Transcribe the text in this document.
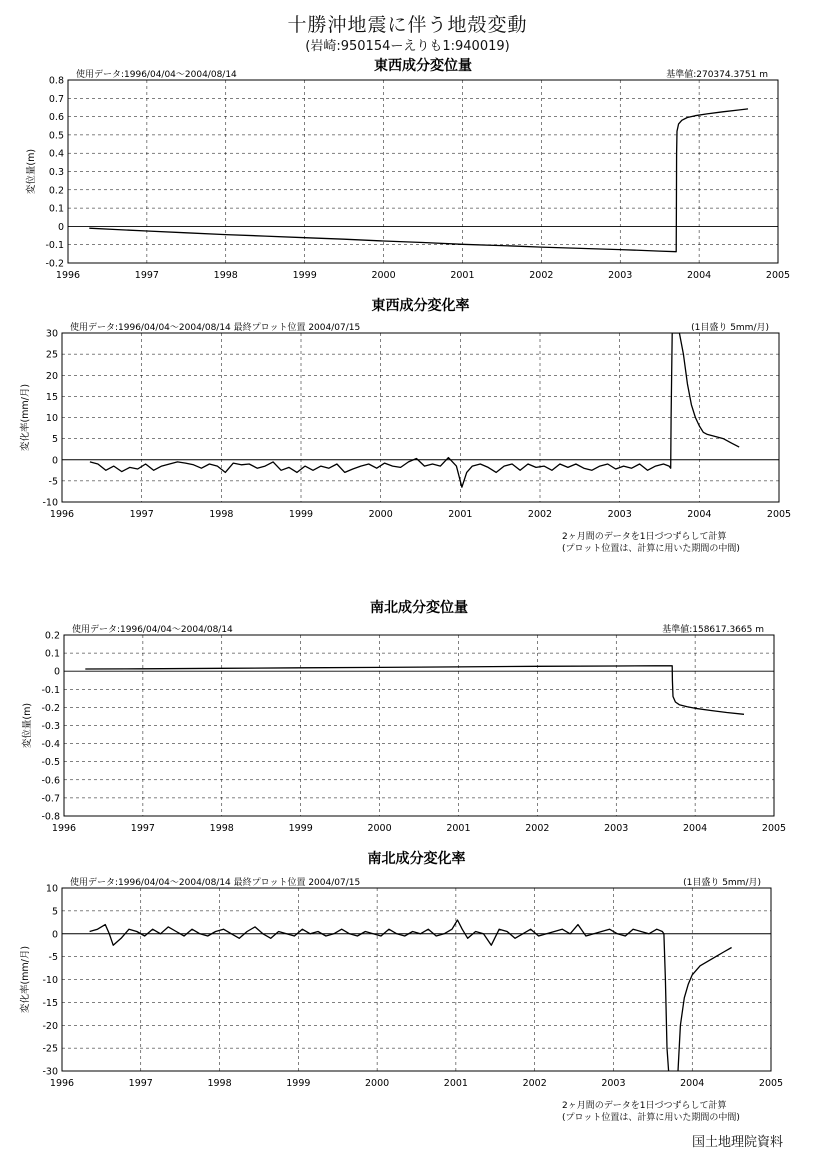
十勝沖地震に伴う地殻変動
(岩崎:950154ーえりも1:940019)
東西成分変位量
使用データ:1996/04/04〜2004/08/14	基準値:270374.3751 m
-0.2
-0.1
0
0.1
0.2
0.3
0.4
0.5
0.6
0.7
0.8
1996	1997	1998	1999	2000	2001	2002	2003	2004	2005
変位量(m)
東西成分変化率
使用データ:1996/04/04〜2004/08/14 最終プロット位置 2004/07/15	(1目盛り 5mm/月)
-10
-5
0
5
10
15
20
25
30
1996	1997	1998	1999	2000	2001	2002	2003	2004	2005
変化率(mm/月)
2ヶ月間のデータを1日づつずらして計算
(プロット位置は、計算に用いた期間の中間)
南北成分変位量
使用データ:1996/04/04〜2004/08/14	基準値:158617.3665 m
-0.8
-0.7
-0.6
-0.5
-0.4
-0.3
-0.2
-0.1
0
0.1
0.2
1996	1997	1998	1999	2000	2001	2002	2003	2004	2005
変位量(m)
南北成分変化率
使用データ:1996/04/04〜2004/08/14 最終プロット位置 2004/07/15	(1目盛り 5mm/月)
-30
-25
-20
-15
-10
-5
0
5
10
1996	1997	1998	1999	2000	2001	2002	2003	2004	2005
変化率(mm/月)
2ヶ月間のデータを1日づつずらして計算
(プロット位置は、計算に用いた期間の中間)
国土地理院資料
